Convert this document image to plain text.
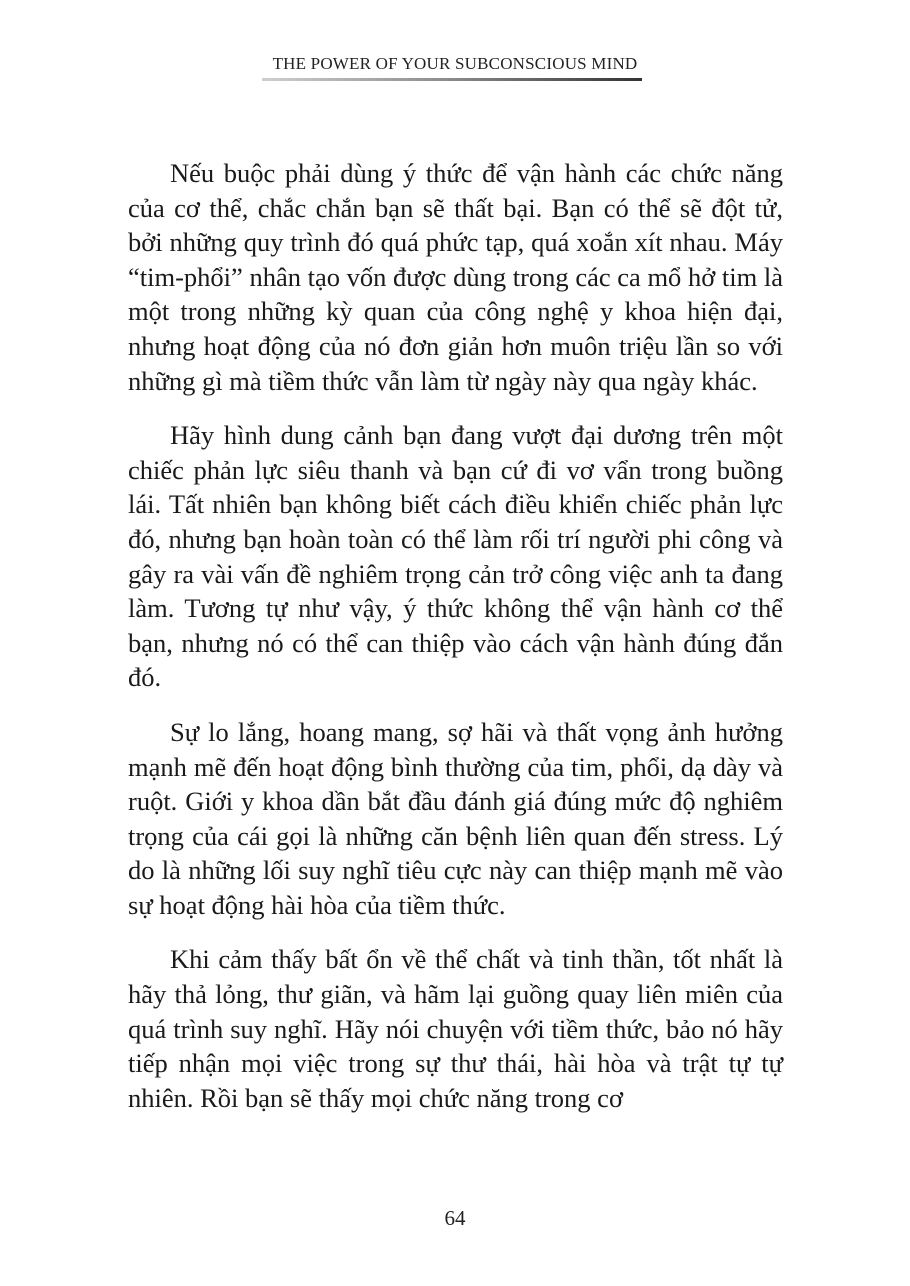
THE POWER OF YOUR SUBCONSCIOUS MIND

Nếu buộc phải dùng ý thức để vận hành các chức năng của cơ thể, chắc chắn bạn sẽ thất bại. Bạn có thể sẽ đột tử, bởi những quy trình đó quá phức tạp, quá xoắn xít nhau. Máy “tim-phổi” nhân tạo vốn được dùng trong các ca mổ hở tim là một trong những kỳ quan của công nghệ y khoa hiện đại, nhưng hoạt động của nó đơn giản hơn muôn triệu lần so với những gì mà tiềm thức vẫn làm từ ngày này qua ngày khác.

Hãy hình dung cảnh bạn đang vượt đại dương trên một chiếc phản lực siêu thanh và bạn cứ đi vơ vẩn trong buồng lái. Tất nhiên bạn không biết cách điều khiển chiếc phản lực đó, nhưng bạn hoàn toàn có thể làm rối trí người phi công và gây ra vài vấn đề nghiêm trọng cản trở công việc anh ta đang làm. Tương tự như vậy, ý thức không thể vận hành cơ thể bạn, nhưng nó có thể can thiệp vào cách vận hành đúng đắn đó.

Sự lo lắng, hoang mang, sợ hãi và thất vọng ảnh hưởng mạnh mẽ đến hoạt động bình thường của tim, phổi, dạ dày và ruột. Giới y khoa dần bắt đầu đánh giá đúng mức độ nghiêm trọng của cái gọi là những căn bệnh liên quan đến stress. Lý do là những lối suy nghĩ tiêu cực này can thiệp mạnh mẽ vào sự hoạt động hài hòa của tiềm thức.

Khi cảm thấy bất ổn về thể chất và tinh thần, tốt nhất là hãy thả lỏng, thư giãn, và hãm lại guồng quay liên miên của quá trình suy nghĩ. Hãy nói chuyện với tiềm thức, bảo nó hãy tiếp nhận mọi việc trong sự thư thái, hài hòa và trật tự tự nhiên. Rồi bạn sẽ thấy mọi chức năng trong cơ

64
